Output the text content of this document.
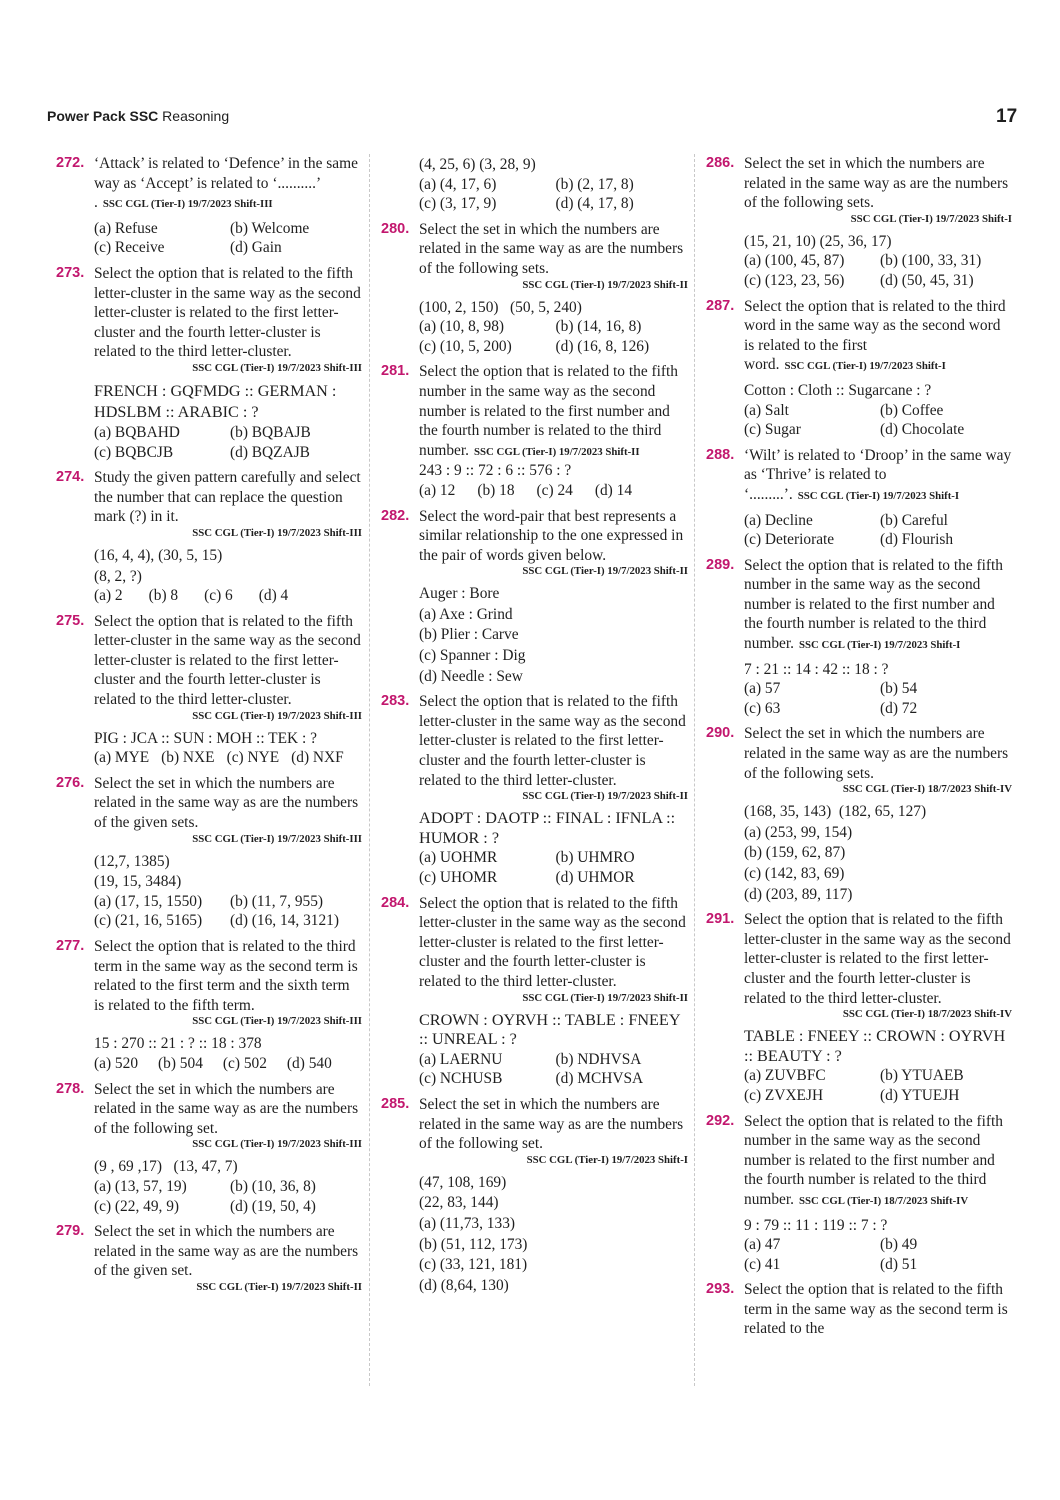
Power Pack SSC Reasoning	17
272. ‘Attack’ is related to ‘Defence’ in the same way as ‘Accept’ is related to ‘..........’ . SSC CGL (Tier-I) 19/7/2023 Shift-III
(a) Refuse	(b) Welcome
(c) Receive	(d) Gain
273. Select the option that is related to the fifth letter-cluster in the same way as the second letter-cluster is related to the first letter-cluster and the fourth letter-cluster is related to the third letter-cluster.
SSC CGL (Tier-I) 19/7/2023 Shift-III
FRENCH : GQFMDG :: GERMAN : HDSLBM :: ARABIC : ?
(a) BQBAHD	(b) BQBAJB
(c) BQBCJB	(d) BQZAJB
274. Study the given pattern carefully and select the number that can replace the question mark (?) in it.
SSC CGL (Tier-I) 19/7/2023 Shift-III
(16, 4, 4), (30, 5, 15)
(8, 2, ?)
(a) 2 (b) 8 (c) 6 (d) 4
275. Select the option that is related to the fifth letter-cluster in the same way as the second letter-cluster is related to the first letter-cluster and the fourth letter-cluster is related to the third letter-cluster.
SSC CGL (Tier-I) 19/7/2023 Shift-III
PIG : JCA :: SUN : MOH :: TEK : ?
(a) MYE (b) NXE (c) NYE (d) NXF
276. Select the set in which the numbers are related in the same way as are the numbers of the given sets.
SSC CGL (Tier-I) 19/7/2023 Shift-III
(12,7, 1385)
(19, 15, 3484)
(a) (17, 15, 1550)	(b) (11, 7, 955)
(c) (21, 16, 5165)	(d) (16, 14, 3121)
277. Select the option that is related to the third term in the same way as the second term is related to the first term and the sixth term is related to the fifth term.
SSC CGL (Tier-I) 19/7/2023 Shift-III
15 : 270 :: 21 : ? :: 18 : 378
(a) 520 (b) 504 (c) 502 (d) 540
278. Select the set in which the numbers are related in the same way as are the numbers of the following set.
SSC CGL (Tier-I) 19/7/2023 Shift-III
(9 , 69 ,17)   (13, 47, 7)
(a) (13, 57, 19)	(b) (10, 36, 8)
(c) (22, 49, 9)	(d) (19, 50, 4)
279. Select the set in which the numbers are related in the same way as are the numbers of the given set.
SSC CGL (Tier-I) 19/7/2023 Shift-II
(4, 25, 6) (3, 28, 9)
(a) (4, 17, 6)	(b) (2, 17, 8)
(c) (3, 17, 9)	(d) (4, 17, 8)
280. Select the set in which the numbers are related in the same way as are the numbers of the following sets.
SSC CGL (Tier-I) 19/7/2023 Shift-II
(100, 2, 150)   (50, 5, 240)
(a) (10, 8, 98)	(b) (14, 16, 8)
(c) (10, 5, 200)	(d) (16, 8, 126)
281. Select the option that is related to the fifth number in the same way as the second number is related to the first number and the fourth number is related to the third number. SSC CGL (Tier-I) 19/7/2023 Shift-II
243 : 9 :: 72 : 6 :: 576 : ?
(a) 12 (b) 18 (c) 24 (d) 14
282. Select the word-pair that best represents a similar relationship to the one expressed in the pair of words given below.
SSC CGL (Tier-I) 19/7/2023 Shift-II
Auger : Bore
(a) Axe : Grind
(b) Plier : Carve
(c) Spanner : Dig
(d) Needle : Sew
283. Select the option that is related to the fifth letter-cluster in the same way as the second letter-cluster is related to the first letter-cluster and the fourth letter-cluster is related to the third letter-cluster.
SSC CGL (Tier-I) 19/7/2023 Shift-II
ADOPT : DAOTP :: FINAL : IFNLA :: HUMOR : ?
(a) UOHMR	(b) UHMRO
(c) UHOMR	(d) UHMOR
284. Select the option that is related to the fifth letter-cluster in the same way as the second letter-cluster is related to the first letter-cluster and the fourth letter-cluster is related to the third letter-cluster.
SSC CGL (Tier-I) 19/7/2023 Shift-II
CROWN : OYRVH :: TABLE : FNEEY :: UNREAL : ?
(a) LAERNU	(b) NDHVSA
(c) NCHUSB	(d) MCHVSA
285. Select the set in which the numbers are related in the same way as are the numbers of the following set.
SSC CGL (Tier-I) 19/7/2023 Shift-I
(47, 108, 169)
(22, 83, 144)
(a) (11,73, 133)
(b) (51, 112, 173)
(c) (33, 121, 181)
(d) (8,64, 130)
286. Select the set in which the numbers are related in the same way as are the numbers of the following sets.
SSC CGL (Tier-I) 19/7/2023 Shift-I
(15, 21, 10) (25, 36, 17)
(a) (100, 45, 87)	(b) (100, 33, 31)
(c) (123, 23, 56)	(d) (50, 45, 31)
287. Select the option that is related to the third word in the same way as the second word is related to the first word. SSC CGL (Tier-I) 19/7/2023 Shift-I
Cotton : Cloth :: Sugarcane : ?
(a) Salt	(b) Coffee
(c) Sugar	(d) Chocolate
288. ‘Wilt’ is related to ‘Droop’ in the same way as ‘Thrive’ is related to ‘.........’. SSC CGL (Tier-I) 19/7/2023 Shift-I
(a) Decline	(b) Careful
(c) Deteriorate	(d) Flourish
289. Select the option that is related to the fifth number in the same way as the second number is related to the first number and the fourth number is related to the third number. SSC CGL (Tier-I) 19/7/2023 Shift-I
7 : 21 :: 14 : 42 :: 18 : ?
(a) 57	(b) 54
(c) 63	(d) 72
290. Select the set in which the numbers are related in the same way as are the numbers of the following sets.
SSC CGL (Tier-I) 18/7/2023 Shift-IV
(168, 35, 143)  (182, 65, 127)
(a) (253, 99, 154)
(b) (159, 62, 87)
(c) (142, 83, 69)
(d) (203, 89, 117)
291. Select the option that is related to the fifth letter-cluster in the same way as the second letter-cluster is related to the first letter-cluster and the fourth letter-cluster is related to the third letter-cluster.
SSC CGL (Tier-I) 18/7/2023 Shift-IV
TABLE : FNEEY :: CROWN : OYRVH :: BEAUTY : ?
(a) ZUVBFC	(b) YTUAEB
(c) ZVXEJH	(d) YTUEJH
292. Select the option that is related to the fifth number in the same way as the second number is related to the first number and the fourth number is related to the third number. SSC CGL (Tier-I) 18/7/2023 Shift-IV
9 : 79 :: 11 : 119 :: 7 : ?
(a) 47	(b) 49
(c) 41	(d) 51
293. Select the option that is related to the fifth term in the same way as the second term is related to the
